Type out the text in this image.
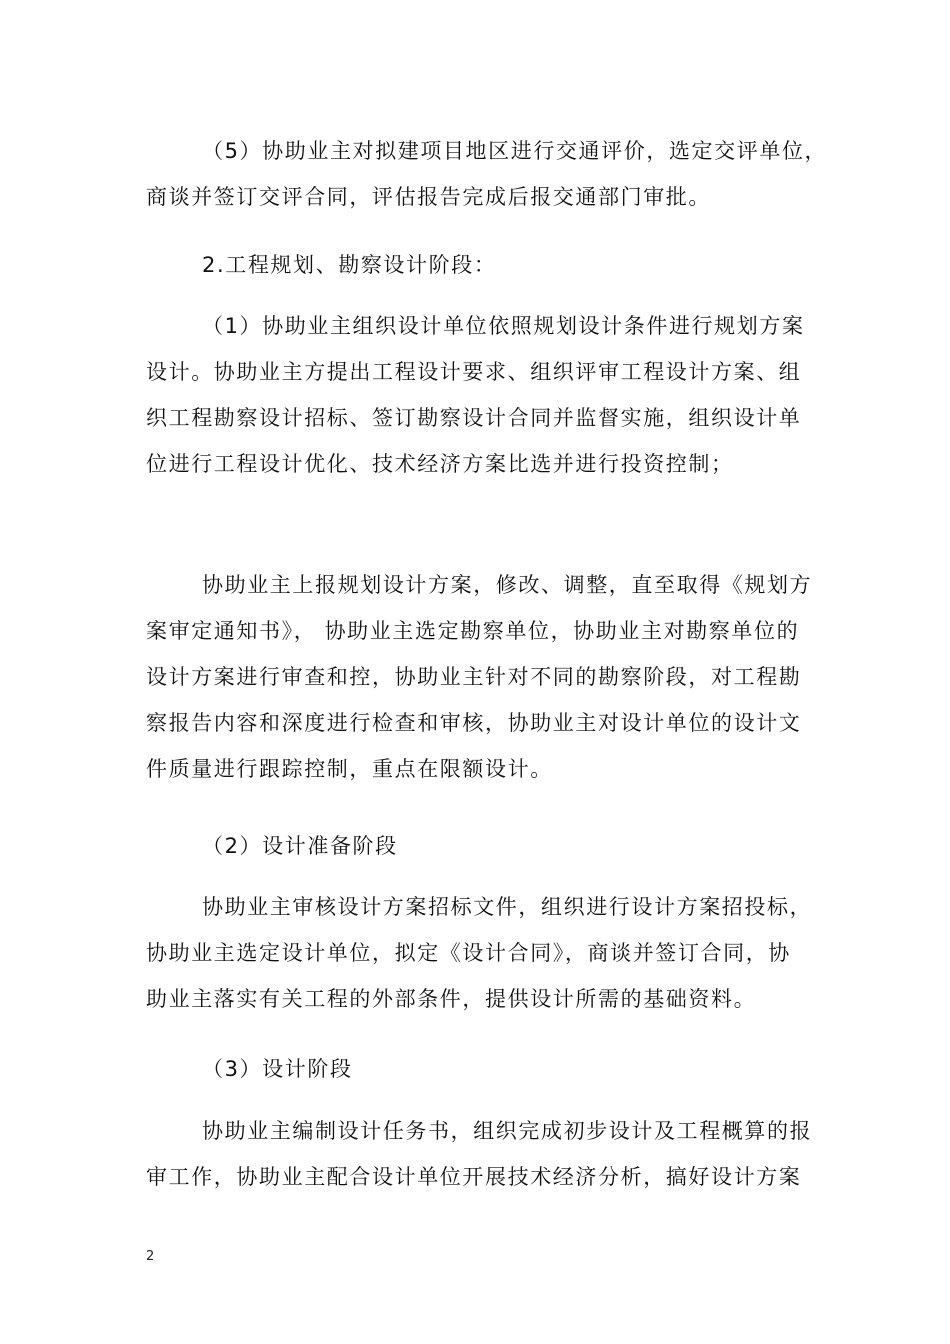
（5）协助业主对拟建项目地区进行交通评价，选定交评单位，
商谈并签订交评合同，评估报告完成后报交通部门审批。
2.工程规划、勘察设计阶段：
（1）协助业主组织设计单位依照规划设计条件进行规划方案
设计。协助业主方提出工程设计要求、组织评审工程设计方案、组
织工程勘察设计招标、签订勘察设计合同并监督实施，组织设计单
位进行工程设计优化、技术经济方案比选并进行投资控制；
协助业主上报规划设计方案，修改、调整，直至取得《规划方
案审定通知书》， 协助业主选定勘察单位，协助业主对勘察单位的
设计方案进行审查和控，协助业主针对不同的勘察阶段，对工程勘
察报告内容和深度进行检查和审核，协助业主对设计单位的设计文
件质量进行跟踪控制，重点在限额设计。
（2）设计准备阶段
协助业主审核设计方案招标文件，组织进行设计方案招投标，
协助业主选定设计单位，拟定《设计合同》，商谈并签订合同，协
助业主落实有关工程的外部条件，提供设计所需的基础资料。
（3）设计阶段
协助业主编制设计任务书，组织完成初步设计及工程概算的报
审工作，协助业主配合设计单位开展技术经济分析，搞好设计方案
2
